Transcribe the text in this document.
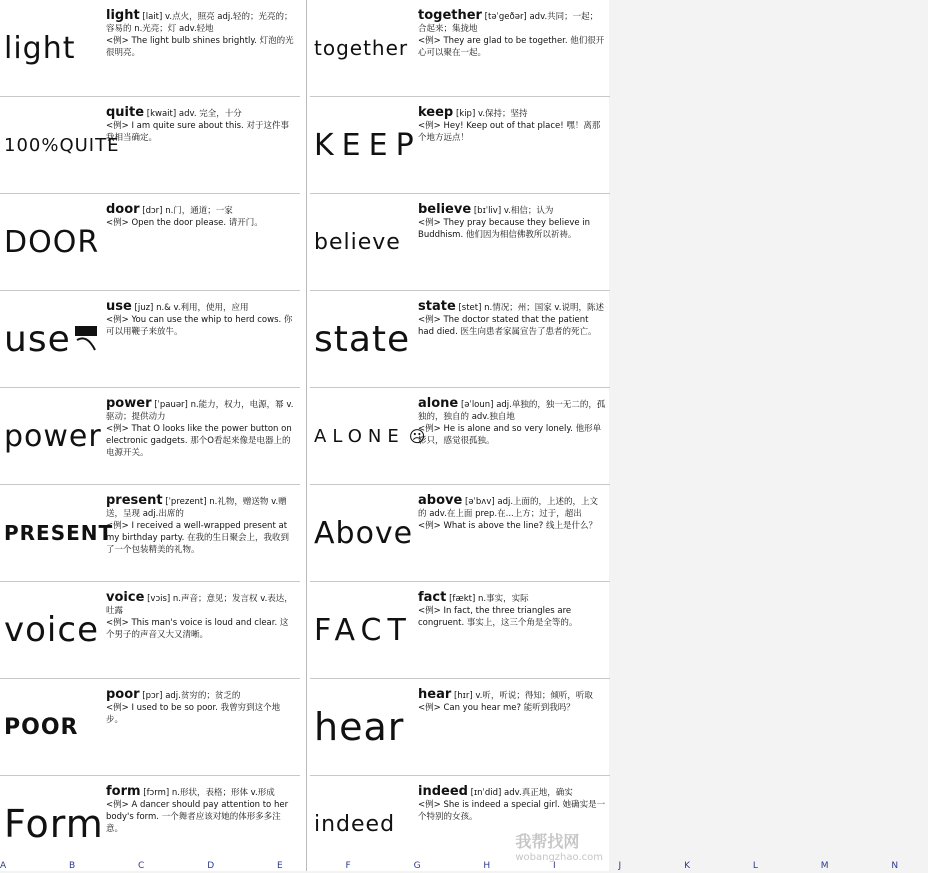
light
light [lait] v.点火，照亮 adj.轻的；光亮的；容易的 n.光亮；灯 adv.轻地
<例> The light bulb shines brightly. 灯泡的光很明亮。
100%QUITE
quite [kwait] adv. 完全，十分
<例> I am quite sure about this. 对于这件事我相当确定。
DOOR
door [dɔr] n.门，通道；一家
<例> Open the door please. 请开门。
use
use [juz] n.& v.利用，使用，应用
<例> You can use the whip to herd cows. 你可以用鞭子来放牛。
power
power [ˈpauər] n.能力，权力，电源，幂 v.驱动；提供动力
<例> That O looks like the power button on electronic gadgets. 那个O看起来像是电器上的电源开关。
PRESENT
present [ˈprezent] n.礼物，赠送物 v.赠送，呈现 adj.出席的
<例> I received a well-wrapped present at my birthday party. 在我的生日聚会上，我收到了一个包装精美的礼物。
voice
voice [vɔis] n.声音；意见；发言权 v.表达，吐露
<例> This man's voice is loud and clear. 这个男子的声音又大又清晰。
POOR
poor [pɔr] adj.贫穷的；贫乏的
<例> I used to be so poor. 我曾穷到这个地步。
Form
form [fɔrm] n.形状，表格；形体 v.形成
<例> A dancer should pay attention to her body's form. 一个舞者应该对她的体形多多注意。
together
together [təˈgeðər] adv.共同；一起；合起来；集拢地
<例> They are glad to be together. 他们很开心可以聚在一起。
KEEP
keep [kip] v.保持；坚持
<例> Hey! Keep out of that place! 嘿！离那个地方远点！
believe
believe [bɪˈliv] v.相信；认为
<例> They pray because they believe in Buddhism. 他们因为相信佛教所以祈祷。
state
state [stet] n.情况；州；国家 v.说明，陈述
<例> The doctor stated that the patient had died. 医生向患者家属宣告了患者的死亡。
ALONE ☹
alone [əˈloun] adj.单独的，独一无二的，孤独的，独自的 adv.独自地
<例> He is alone and so very lonely. 他形单影只，感觉很孤独。
Above
above [əˈbʌv] adj.上面的，上述的，上文的 adv.在上面 prep.在...上方；过于，超出
<例> What is above the line? 线上是什么？
FACT
fact [fækt] n.事实，实际
<例> In fact, the three triangles are congruent. 事实上，这三个角是全等的。
hear
hear [hɪr] v.听，听说；得知；倾听，听取
<例> Can you hear me? 能听到我吗？
indeed
indeed [ɪnˈdid] adv.真正地，确实
<例> She is indeed a special girl. 她确实是一个特别的女孩。
A B C D E F G H I J K L M N
我帮找网
wobangzhao.com
